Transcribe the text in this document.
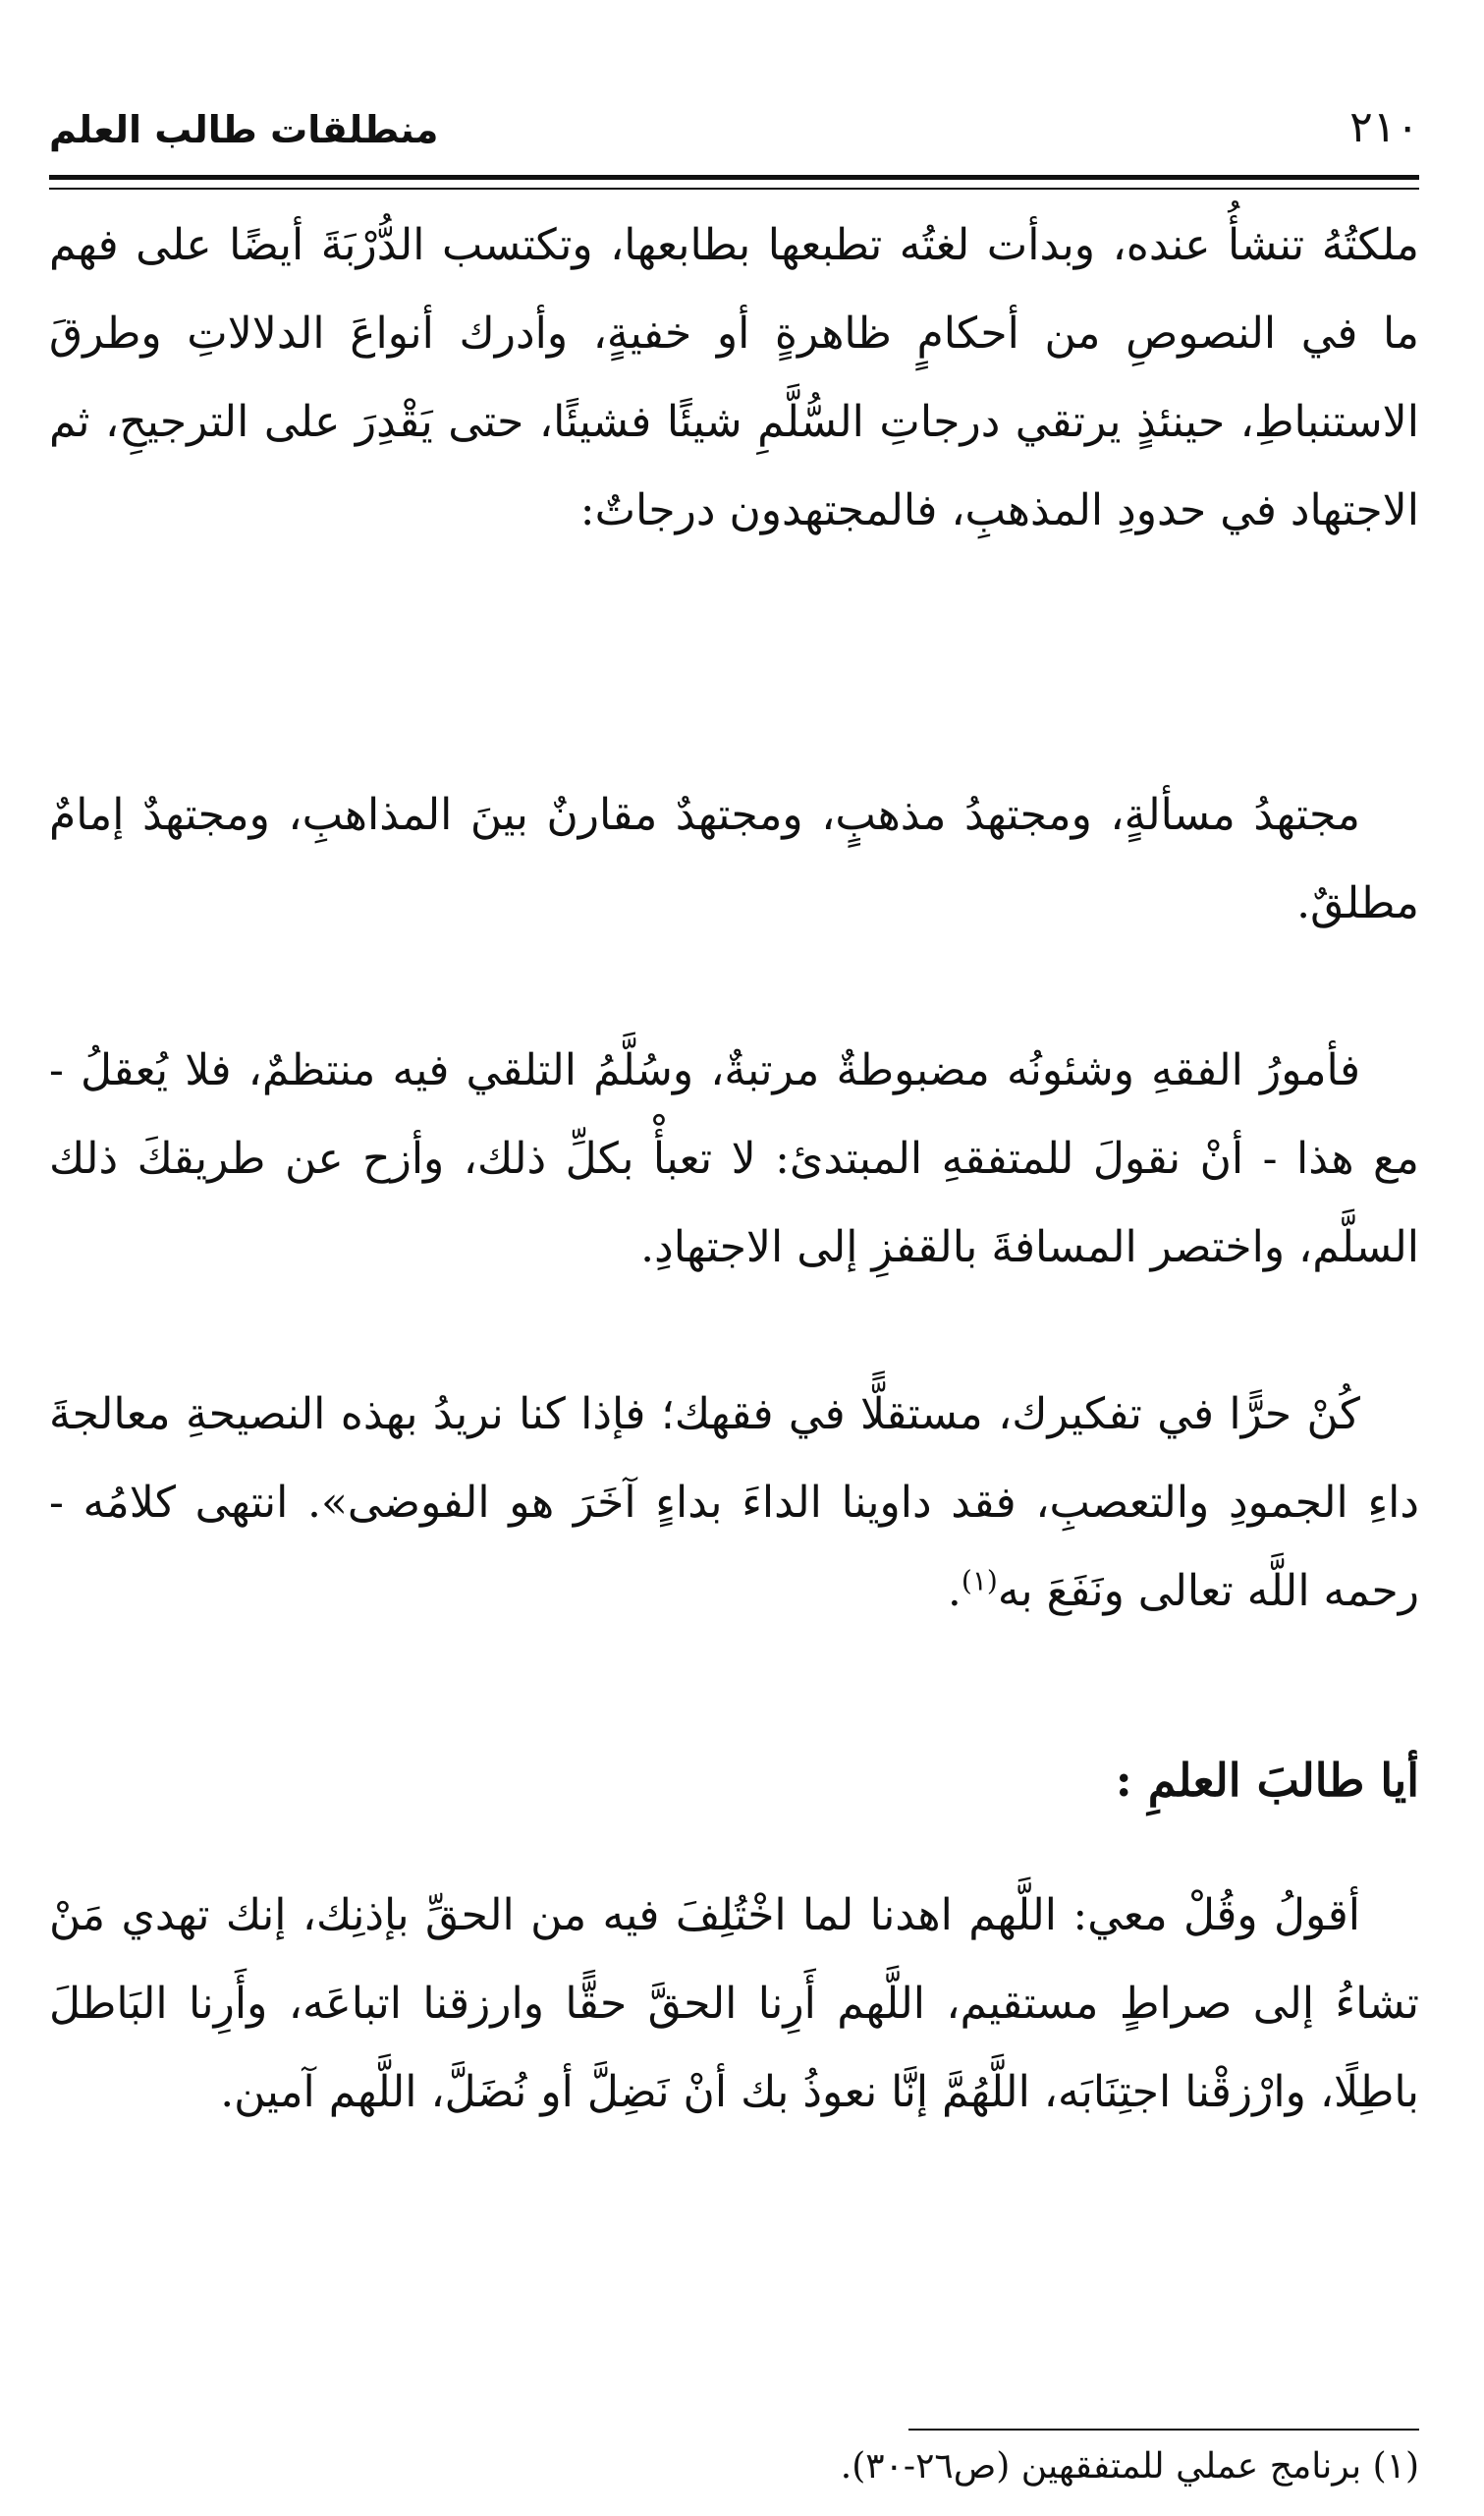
منطلقات طالب العلم	٢١٠

ملكتُهُ تنشأُ عنده، وبدأت لغتُه تطبعها بطابعها، وتكتسب الدُّرْبَةَ أيضًا على فهم ما في النصوصِ من أحكامٍ ظاهرةٍ أو خفيةٍ، وأدرك أنواعَ الدلالاتِ وطرقَ الاستنباطِ، حينئذٍ يرتقي درجاتِ السُّلَّمِ شيئًا فشيئًا، حتى يَقْدِرَ على الترجيحِ، ثم الاجتهاد في حدودِ المذهبِ، فالمجتهدون درجاتٌ:

مجتهدُ مسألةٍ، ومجتهدُ مذهبٍ، ومجتهدٌ مقارنٌ بينَ المذاهبِ، ومجتهدٌ إمامٌ مطلقٌ.

فأمورُ الفقهِ وشئونُه مضبوطةٌ مرتبةٌ، وسُلَّمُ التلقي فيه منتظمٌ، فلا يُعقلُ - مع هذا - أنْ نقولَ للمتفقهِ المبتدئ: لا تعبأْ بكلِّ ذلك، وأزح عن طريقكَ ذلك السلَّم، واختصر المسافةَ بالقفزِ إلى الاجتهادِ.

كُنْ حرًّا في تفكيرك، مستقلًّا في فقهك؛ فإذا كنا نريدُ بهذه النصيحةِ معالجةَ داءِ الجمودِ والتعصبِ، فقد داوينا الداءَ بداءٍ آخَرَ هو الفوضى». انتهى كلامُه - رحمه اللَّه تعالى ونَفَعَ به$^{(١)}$.

أيا طالبَ العلمِ :

أقولُ وقُلْ معي: اللَّهم اهدنا لما اخْتُلِفَ فيه من الحقِّ بإذنِك، إنك تهدي مَنْ تشاءُ إلى صراطٍ مستقيم، اللَّهم أَرِنا الحقَّ حقًّا وارزقنا اتباعَه، وأَرِنا البَاطلَ باطِلًا، وارْزقْنا اجتِنَابَه، اللَّهُمَّ إنَّا نعوذُ بك أنْ نَضِلَّ أو نُضَلَّ، اللَّهم آمين.

(١) برنامج عملي للمتفقهين (ص٢٦-٣٠).
